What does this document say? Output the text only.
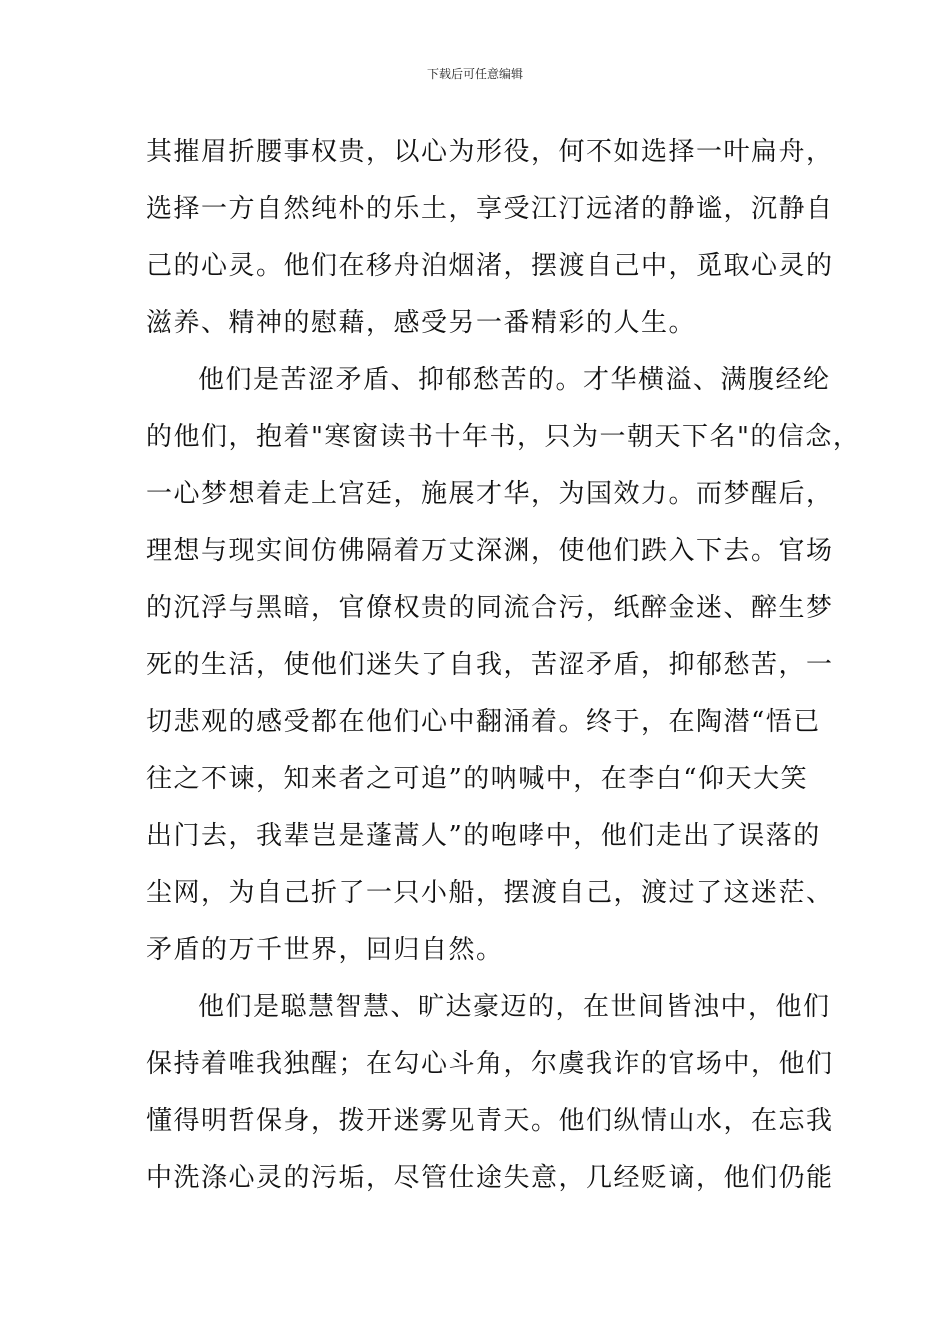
下载后可任意编辑
其摧眉折腰事权贵，以心为形役，何不如选择一叶扁舟，
选择一方自然纯朴的乐土，享受江汀远渚的静谧，沉静自
己的心灵。他们在移舟泊烟渚，摆渡自己中，觅取心灵的
滋养、精神的慰藉，感受另一番精彩的人生。
他们是苦涩矛盾、抑郁愁苦的。才华横溢、满腹经纶
的他们，抱着"寒窗读书十年书，只为一朝天下名"的信念，
一心梦想着走上宫廷，施展才华，为国效力。而梦醒后，
理想与现实间仿佛隔着万丈深渊，使他们跌入下去。官场
的沉浮与黑暗，官僚权贵的同流合污，纸醉金迷、醉生梦
死的生活，使他们迷失了自我，苦涩矛盾，抑郁愁苦，一
切悲观的感受都在他们心中翻涌着。终于，在陶潜“悟已
往之不谏，知来者之可追”的呐喊中，在李白“仰天大笑
出门去，我辈岂是蓬蒿人”的咆哮中，他们走出了误落的
尘网，为自己折了一只小船，摆渡自己，渡过了这迷茫、
矛盾的万千世界，回归自然。
他们是聪慧智慧、旷达豪迈的，在世间皆浊中，他们
保持着唯我独醒；在勾心斗角，尔虞我诈的官场中，他们
懂得明哲保身，拨开迷雾见青天。他们纵情山水，在忘我
中洗涤心灵的污垢，尽管仕途失意，几经贬谪，他们仍能
